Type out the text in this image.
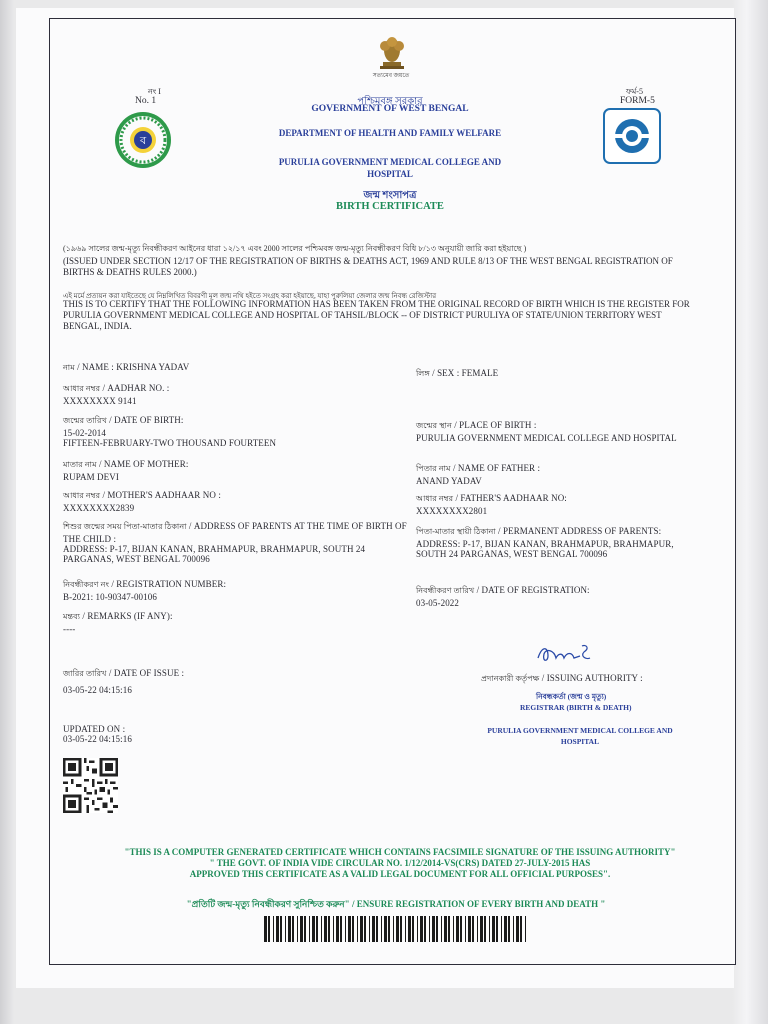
সত্যমেব জয়তে
নং I
No. 1
ফর্ম-5
FORM-5
পশ্চিমবঙ্গ সরকার
GOVERNMENT OF WEST BENGAL
DEPARTMENT OF HEALTH AND FAMILY WELFARE
PURULIA GOVERNMENT MEDICAL COLLEGE AND
HOSPITAL
জন্ম শংসাপত্র
BIRTH CERTIFICATE
ব
(১৯৬৯ সালের জন্ম-মৃত্যু নিবন্ধীকরণ আইনের ধারা ১২/১৭ এবং 2000 সালের পশ্চিমবঙ্গ জন্ম-মৃত্যু নিবন্ধীকরণ বিধি ৮/১৩ অনুযায়ী জারি করা হইয়াছে )
(ISSUED UNDER SECTION 12/17 OF THE REGISTRATION OF BIRTHS & DEATHS ACT, 1969 AND RULE 8/13 OF THE WEST BENGAL REGISTRATION OF
BIRTHS & DEATHS RULES 2000.)
এই মর্মে প্রত্যয়ন করা যাইতেছে যে নিম্নলিখিত বিবরণী মূল জন্ম নথি হইতে সংগ্রহ করা হইয়াছে, যাহা পুরুলিয়া জেলার জন্ম নিবন্ধ রেজিস্টার
THIS IS TO CERTIFY THAT THE FOLLOWING INFORMATION HAS BEEN TAKEN FROM THE ORIGINAL RECORD OF BIRTH WHICH IS THE REGISTER FOR
PURULIA GOVERNMENT MEDICAL COLLEGE AND HOSPITAL OF TAHSIL/BLOCK -- OF DISTRICT PURULIYA OF STATE/UNION TERRITORY WEST
BENGAL, INDIA.
নাম / NAME : KRISHNA YADAV
আধার নম্বর / AADHAR NO. :
XXXXXXXX 9141
জন্মের তারিখ / DATE OF BIRTH:
15-02-2014
FIFTEEN-FEBRUARY-TWO THOUSAND FOURTEEN
মাতার নাম / NAME OF MOTHER:
RUPAM DEVI
আধার নম্বর / MOTHER'S AADHAAR NO :
XXXXXXXX2839
শিশুর জন্মের সময় পিতা-মাতার ঠিকানা / ADDRESS OF PARENTS AT THE TIME OF BIRTH OF
THE CHILD :
ADDRESS: P-17, BIJAN KANAN, BRAHMAPUR, BRAHMAPUR, SOUTH 24
PARGANAS, WEST BENGAL 700096
নিবন্ধীকরণ নং / REGISTRATION NUMBER:
B-2021: 10-90347-00106
মন্তব্য / REMARKS (IF ANY):
----
লিঙ্গ / SEX : FEMALE
জন্মের স্থান / PLACE OF BIRTH :
PURULIA GOVERNMENT MEDICAL COLLEGE AND HOSPITAL
পিতার নাম / NAME OF FATHER :
ANAND YADAV
আধার নম্বর / FATHER'S AADHAAR NO:
XXXXXXXX2801
পিতা-মাতার স্থায়ী ঠিকানা / PERMANENT ADDRESS OF PARENTS:
ADDRESS: P-17, BIJAN KANAN, BRAHMAPUR, BRAHMAPUR,
SOUTH 24 PARGANAS, WEST BENGAL 700096
নিবন্ধীকরণ তারিখ / DATE OF REGISTRATION:
03-05-2022
প্রদানকারী কর্তৃপক্ষ / ISSUING AUTHORITY :
নিবন্ধকর্তা (জন্ম ও মৃত্যু)
REGISTRAR (BIRTH & DEATH)
PURULIA GOVERNMENT MEDICAL COLLEGE AND
HOSPITAL
জারির তারিখ / DATE OF ISSUE :
03-05-22 04:15:16
UPDATED ON :
03-05-22 04:15:16
"THIS IS A COMPUTER GENERATED CERTIFICATE WHICH CONTAINS FACSIMILE SIGNATURE OF THE ISSUING AUTHORITY"
" THE GOVT. OF INDIA VIDE CIRCULAR NO. 1/12/2014-VS(CRS) DATED 27-JULY-2015 HAS
APPROVED THIS CERTIFICATE AS A VALID LEGAL DOCUMENT FOR ALL OFFICIAL PURPOSES".
"প্রতিটি জন্ম-মৃত্যু নিবন্ধীকরণ সুনিশ্চিত করুন" / ENSURE REGISTRATION OF EVERY BIRTH AND DEATH "
